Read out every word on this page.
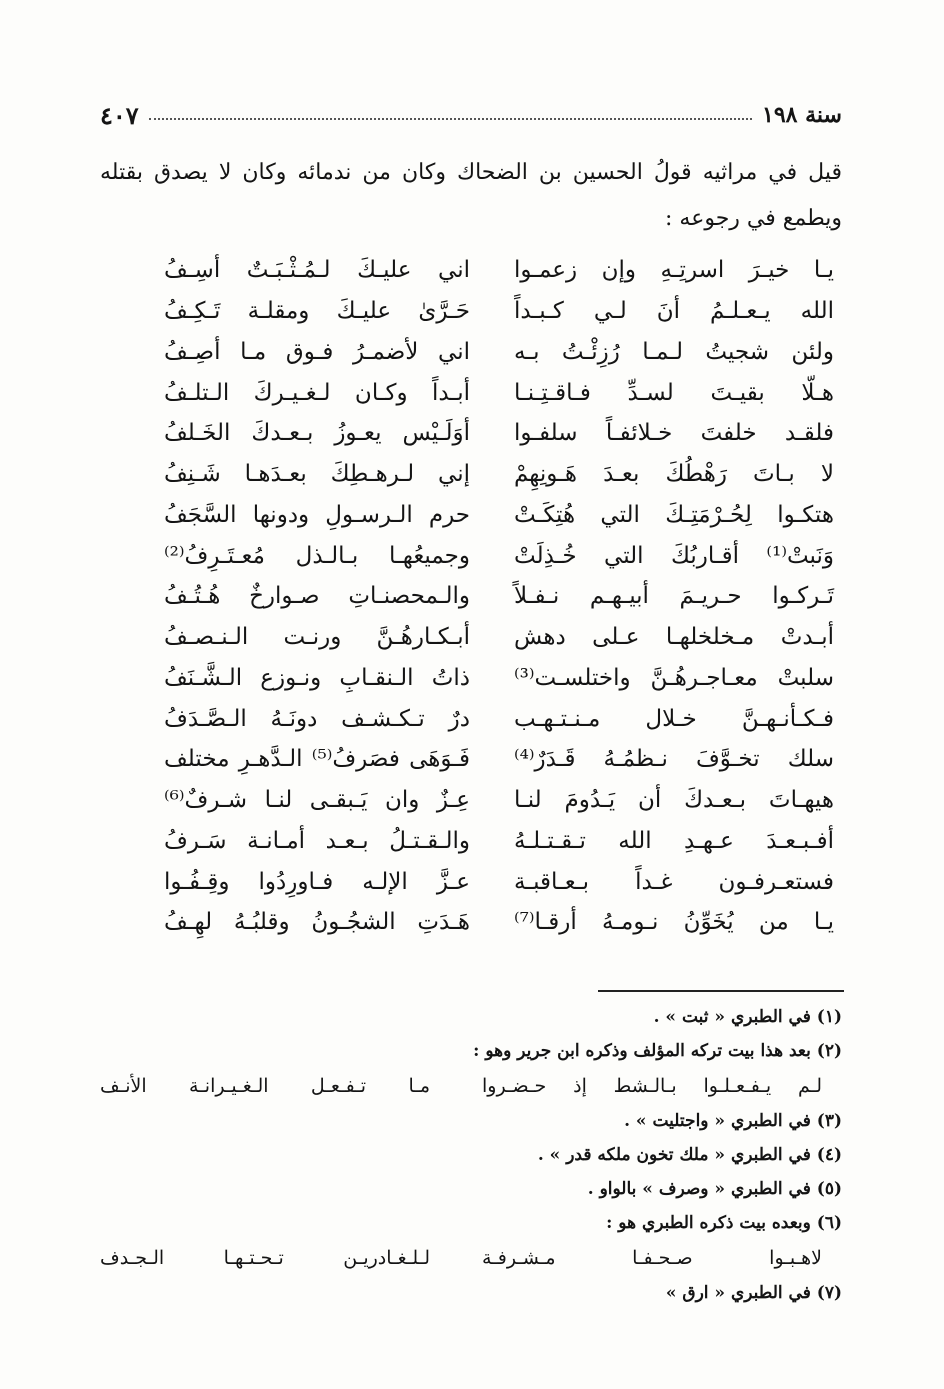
سنة ١٩٨
٤٠٧
قيل في مراثيه قولُ الحسين بن الضحاك وكان من ندمائه وكان لا يصدق بقتله ويطمع في رجوعه :
يـا خيـرَ اسرتِـهِ وإن زعمـوا
اني عليـكَ لـمُـثْـبَـتٌ أسِـفُ
الله يـعـلـمُ أنَ لـي كـبـداً
حَـرَّىٰ عليـكَ ومقلـة تَـكِـفُ
ولئن شجيتُ لـمـا رُزِئْـتُ بـه
اني لأضمـرُ فـوق مـا أصِـفُ
هـلّا بقيـتَ لسـدِّ فـاقـتِـنـا
أبـداً وكـان لـغـيـركَ الـتلـفُ
فلقـد خلفتَ خـلائفـاً سلفـوا
أوَلَـيْس يعـوزُ بـعـدكَ الخَـلفُ
لا بـاتَ رَهْطُكَ بعـدَ هَـونِهِمْ
إني لـرهـطِكَ بعـدَهـا شَـنِفُ
هتكـوا لِحُـرْمَتِـكَ التي هُتِكَـتْ
حرم الـرسـولِ ودونها السَّجَفُ
وَنَبتْ⁽¹⁾ أقـاربُكَ التي خُـذِلَتْ
وجميعُهـا بـالـذل مُعـتَـرِفُ⁽²⁾
تَـركـوا حـريـمَ أبيـهـم نـفـلاً
والـمحصنـاتِ صـوارخٌ هُـتُـفُ
أبـدتْ مـخلخلهـا عـلى دهش
أبـكـارهُـنَّ ورنـت الـنـصـفُ
سلبتْ معـاجـرهُـنَّ واختلسـت⁽³⁾
ذاتُ الـنقـابِ ونـوزع الـشَّـنَفُ
فـكـأنـهـنَّ خـلال مـنـتـهـب
درٌ تـكـشـف دونَـهُ الـصَّـدَفُ
سلك تخـوَّفَ نـظمُـهُ قَـدَرٌ⁽⁴⁾
فَـوَهَى فصَرفُ⁽⁵⁾ الـدَّهـرِ مختلف
هيهـاتَ بـعـدكَ أن يَـدُومَ لنـا
عِـزٌ وان يَـبقـى لنـا شـرفٌ⁽⁶⁾
أفـبـعـدَ عـهـدِ الله تـقـتـلـهُ
والـقـتـلُ بـعـد أمـانـة سَـرفُ
فستعـرفـون غـداً بـعـاقبـة
عـزَّ الإلـه فـاورِدُوا وقِـفُـوا
يـا من يُخَوِّنُ نـومـهُ أرقـا⁽⁷⁾
هَـدَتِ الشجُـونُ وقلبُـهُ لهِـفُ
(١) في الطبري « ثبت » .
(٢) بعد هذا بيت تركه المؤلف وذكره ابن جرير وهو :
لـم يـفـعـلـوا بـالـشط إذ حـضـروا
مـا تـفـعـل الـغـيـرانـة الأنـف
(٣) في الطبري « واجتليت » .
(٤) في الطبري « ملك تخون ملكه قدر » .
(٥) في الطبري « وصرف » بالواو .
(٦) وبعده بيت ذكره الطبري هو :
لاهـبـوا صـحـفـا مـشـرفـة
لـلـغـادريـن تـحـتـهـا الـجـدف
(٧) في الطبري « ارق »
